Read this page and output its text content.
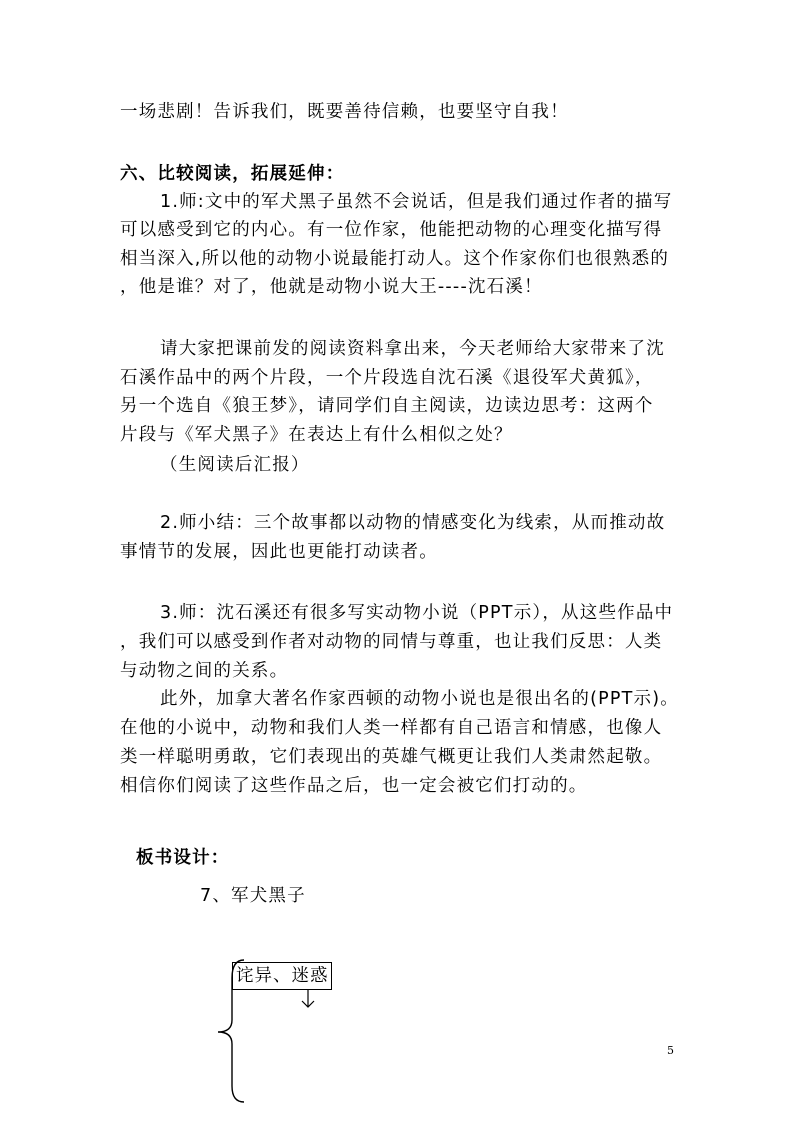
一场悲剧！告诉我们，既要善待信赖，也要坚守自我！
六、比较阅读，拓展延伸：
1.师:文中的军犬黑子虽然不会说话，但是我们通过作者的描写
可以感受到它的内心。有一位作家，他能把动物的心理变化描写得
相当深入,所以他的动物小说最能打动人。这个作家你们也很熟悉的
，他是谁？对了，他就是动物小说大王----沈石溪！
请大家把课前发的阅读资料拿出来，今天老师给大家带来了沈
石溪作品中的两个片段，一个片段选自沈石溪《退役军犬黄狐》，
另一个选自《狼王梦》，请同学们自主阅读，边读边思考：这两个
片段与《军犬黑子》在表达上有什么相似之处？
（生阅读后汇报）
2.师小结：三个故事都以动物的情感变化为线索，从而推动故
事情节的发展，因此也更能打动读者。
3.师：沈石溪还有很多写实动物小说（PPT示），从这些作品中
，我们可以感受到作者对动物的同情与尊重，也让我们反思：人类
与动物之间的关系。
此外，加拿大著名作家西顿的动物小说也是很出名的(PPT示)。
在他的小说中，动物和我们人类一样都有自己语言和情感，也像人
类一样聪明勇敢，它们表现出的英雄气概更让我们人类肃然起敬。
相信你们阅读了这些作品之后，也一定会被它们打动的。
板书设计：
7、军犬黑子
诧异、迷惑
5
